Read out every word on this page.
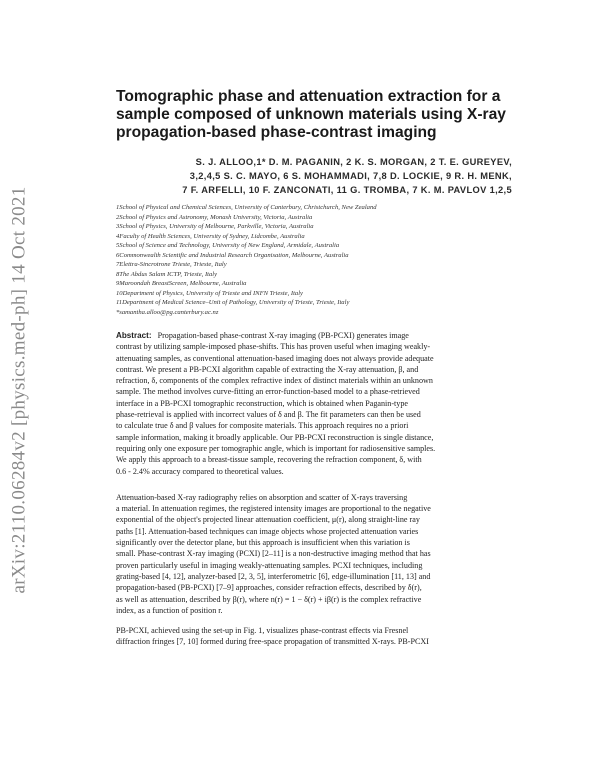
arXiv:2110.06284v2 [physics.med-ph] 14 Oct 2021
Tomographic phase and attenuation extraction for a sample composed of unknown materials using X-ray propagation-based phase-contrast imaging
S. J. ALLOO,1* D. M. PAGANIN, 2 K. S. MORGAN, 2 T. E. GUREYEV,
3,2,4,5 S. C. MAYO, 6 S. MOHAMMADI, 7,8 D. LOCKIE, 9 R. H. MENK,
7 F. ARFELLI, 10 F. ZANCONATI, 11 G. TROMBA, 7 K. M. PAVLOV 1,2,5
1School of Physical and Chemical Sciences, University of Canterbury, Christchurch, New Zealand
2School of Physics and Astronomy, Monash University, Victoria, Australia
3School of Physics, University of Melbourne, Parkville, Victoria, Australia
4Faculty of Health Sciences, University of Sydney, Lidcombe, Australia
5School of Science and Technology, University of New England, Armidale, Australia
6Commonwealth Scientific and Industrial Research Organisation, Melbourne, Australia
7Elettra-Sincrotrone Trieste, Trieste, Italy
8The Abdus Salam ICTP, Trieste, Italy
9Maroondah BreastScreen, Melbourne, Australia
10Department of Physics, University of Trieste and INFN Trieste, Italy
11Department of Medical Science–Unit of Pathology, University of Trieste, Trieste, Italy
*samantha.alloo@pg.canterbury.ac.nz
Abstract: Propagation-based phase-contrast X-ray imaging (PB-PCXI) generates image
contrast by utilizing sample-imposed phase-shifts. This has proven useful when imaging weakly-
attenuating samples, as conventional attenuation-based imaging does not always provide adequate
contrast. We present a PB-PCXI algorithm capable of extracting the X-ray attenuation, β, and
refraction, δ, components of the complex refractive index of distinct materials within an unknown
sample. The method involves curve-fitting an error-function-based model to a phase-retrieved
interface in a PB-PCXI tomographic reconstruction, which is obtained when Paganin-type
phase-retrieval is applied with incorrect values of δ and β. The fit parameters can then be used
to calculate true δ and β values for composite materials. This approach requires no a priori
sample information, making it broadly applicable. Our PB-PCXI reconstruction is single distance,
requiring only one exposure per tomographic angle, which is important for radiosensitive samples.
We apply this approach to a breast-tissue sample, recovering the refraction component, δ, with
0.6 - 2.4% accuracy compared to theoretical values.

Attenuation-based X-ray radiography relies on absorption and scatter of X-rays traversing
a material. In attenuation regimes, the registered intensity images are proportional to the negative
exponential of the object's projected linear attenuation coefficient, μ(r), along straight-line ray
paths [1]. Attenuation-based techniques can image objects whose projected attenuation varies
significantly over the detector plane, but this approach is insufficient when this variation is
small. Phase-contrast X-ray imaging (PCXI) [2–11] is a non-destructive imaging method that has
proven particularly useful in imaging weakly-attenuating samples. PCXI techniques, including
grating-based [4, 12], analyzer-based [2, 3, 5], interferometric [6], edge-illumination [11, 13] and
propagation-based (PB-PCXI) [7–9] approaches, consider refraction effects, described by δ(r),
as well as attenuation, described by β(r), where n(r) = 1 − δ(r) + iβ(r) is the complex refractive
index, as a function of position r.

PB-PCXI, achieved using the set-up in Fig. 1, visualizes phase-contrast effects via Fresnel
diffraction fringes [7, 10] formed during free-space propagation of transmitted X-rays. PB-PCXI
